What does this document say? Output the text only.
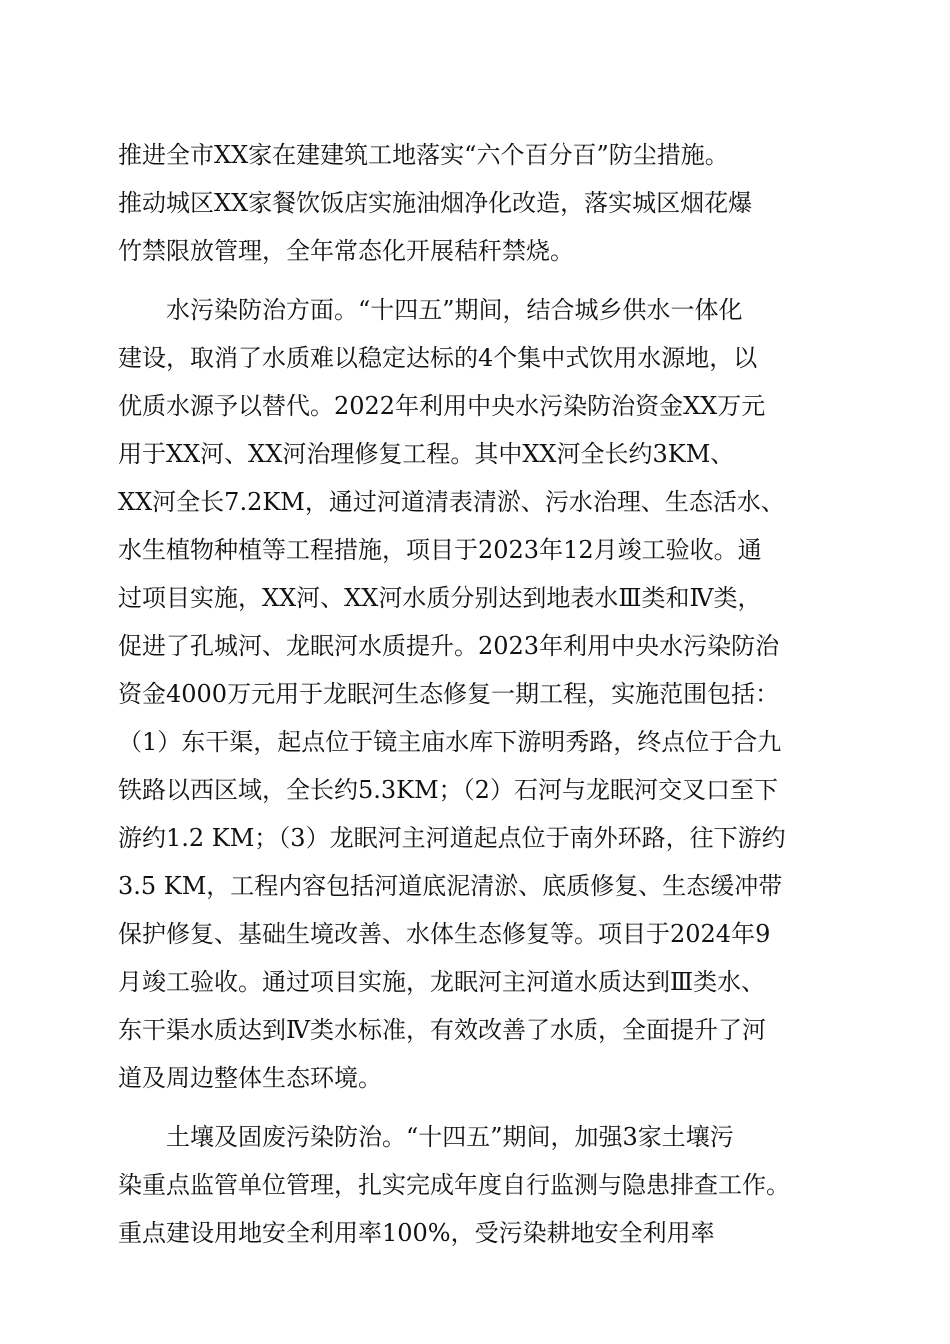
推进全市XX家在建建筑工地落实“六个百分百”防尘措施。
推动城区XX家餐饮饭店实施油烟净化改造，落实城区烟花爆
竹禁限放管理，全年常态化开展秸秆禁烧。
水污染防治方面。“十四五”期间，结合城乡供水一体化
建设，取消了水质难以稳定达标的4个集中式饮用水源地，以
优质水源予以替代。2022年利用中央水污染防治资金XX万元
用于XX河、XX河治理修复工程。其中XX河全长约3KM、
XX河全长7.2KM，通过河道清表清淤、污水治理、生态活水、
水生植物种植等工程措施，项目于2023年12月竣工验收。通
过项目实施，XX河、XX河水质分别达到地表水Ⅲ类和Ⅳ类，
促进了孔城河、龙眠河水质提升。2023年利用中央水污染防治
资金4000万元用于龙眠河生态修复一期工程，实施范围包括：
（1）东干渠，起点位于镜主庙水库下游明秀路，终点位于合九
铁路以西区域，全长约5.3KM；（2）石河与龙眠河交叉口至下
游约1.2 KM；（3）龙眠河主河道起点位于南外环路，往下游约
3.5 KM，工程内容包括河道底泥清淤、底质修复、生态缓冲带
保护修复、基础生境改善、水体生态修复等。项目于2024年9
月竣工验收。通过项目实施，龙眠河主河道水质达到Ⅲ类水、
东干渠水质达到Ⅳ类水标准，有效改善了水质，全面提升了河
道及周边整体生态环境。
土壤及固废污染防治。“十四五”期间，加强3家土壤污
染重点监管单位管理，扎实完成年度自行监测与隐患排查工作。
重点建设用地安全利用率100%，受污染耕地安全利用率
